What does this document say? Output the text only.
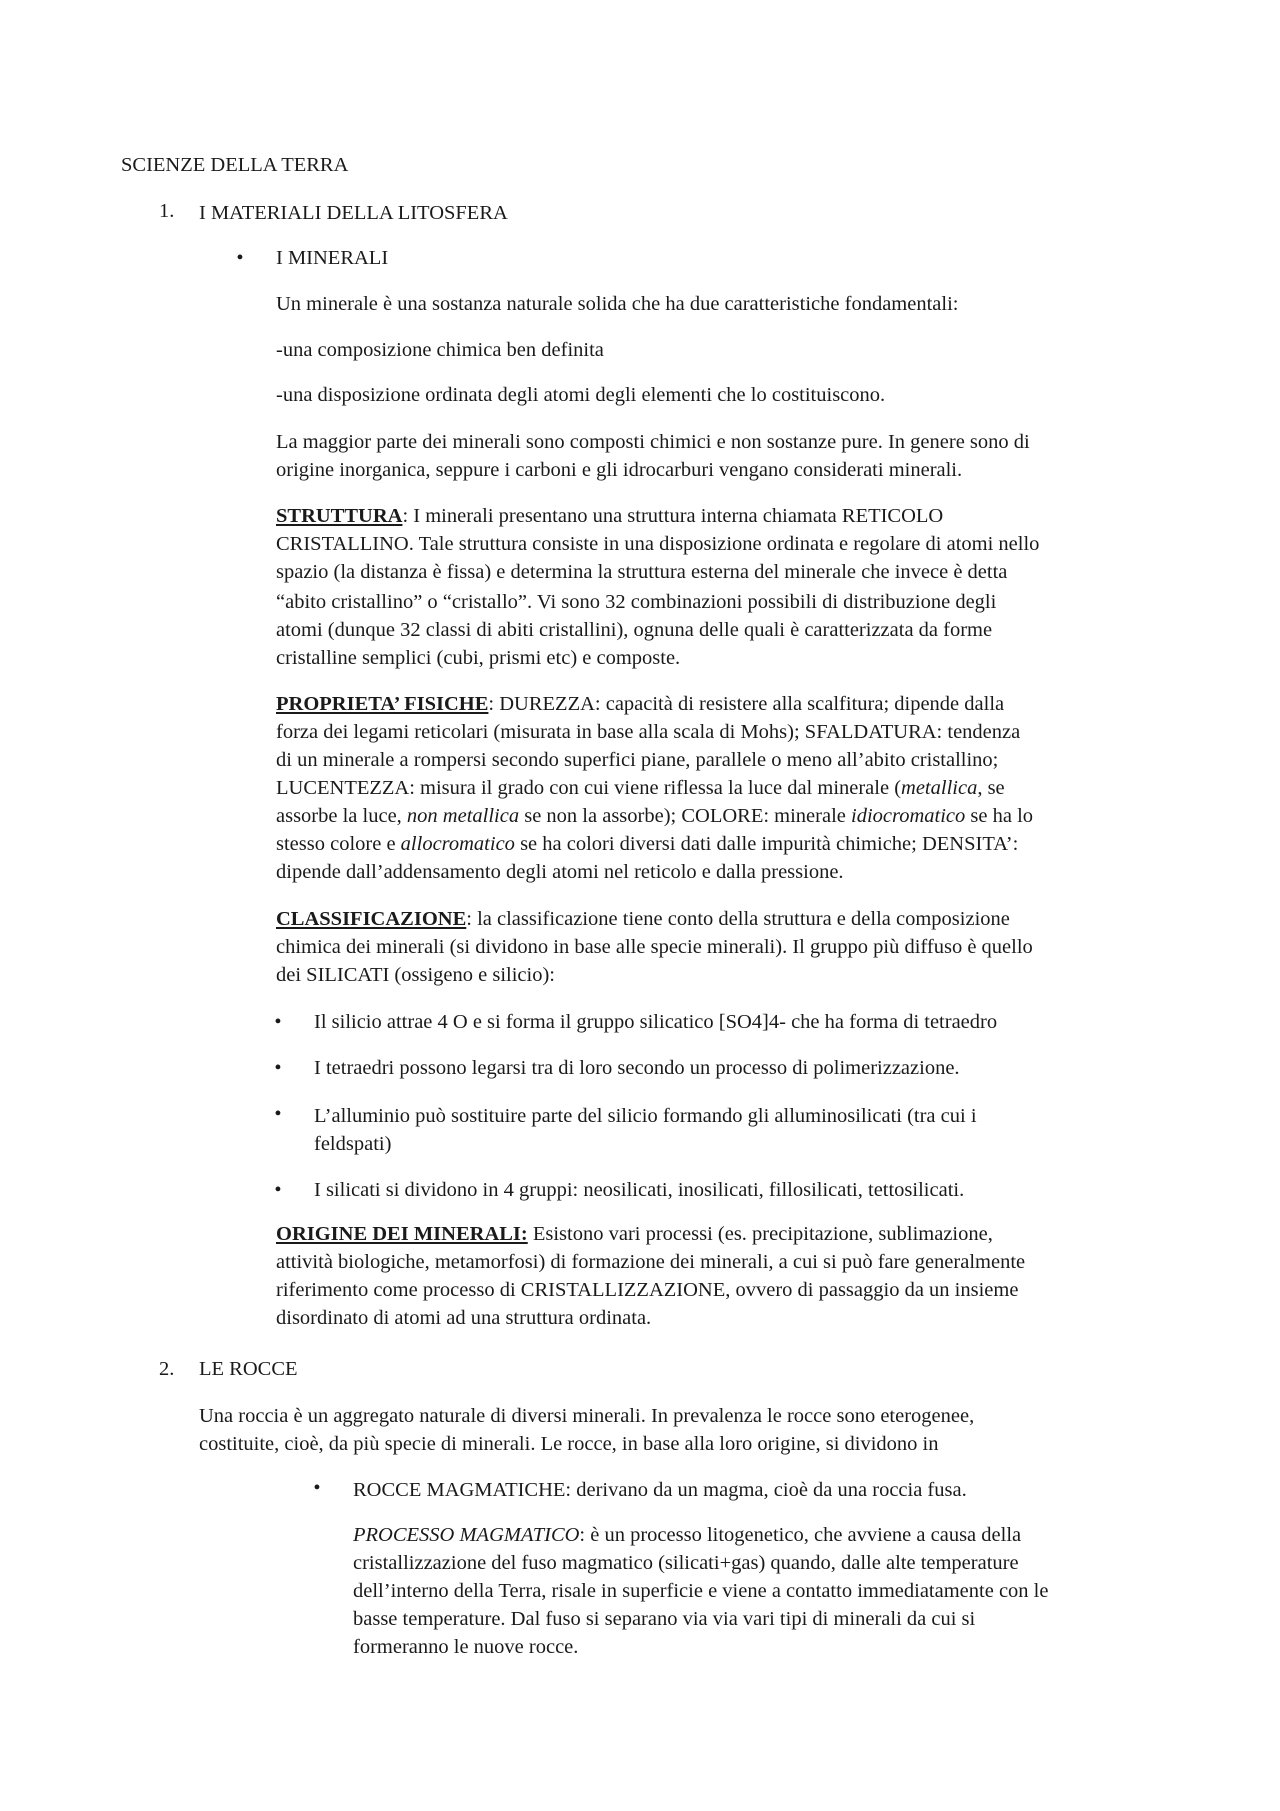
SCIENZE DELLA TERRA
1. I MATERIALI DELLA LITOSFERA
• I MINERALI
Un minerale è una sostanza naturale solida che ha due caratteristiche fondamentali:
-una composizione chimica ben definita
-una disposizione ordinata degli atomi degli elementi che lo costituiscono.
La maggior parte dei minerali sono composti chimici e non sostanze pure. In genere sono di
origine inorganica, seppure i carboni e gli idrocarburi vengano considerati minerali.
STRUTTURA: I minerali presentano una struttura interna chiamata RETICOLO
CRISTALLINO. Tale struttura consiste in una disposizione ordinata e regolare di atomi nello
spazio (la distanza è fissa) e determina la struttura esterna del minerale che invece è detta
“abito cristallino” o “cristallo”. Vi sono 32 combinazioni possibili di distribuzione degli
atomi (dunque 32 classi di abiti cristallini), ognuna delle quali è caratterizzata da forme
cristalline semplici (cubi, prismi etc) e composte.
PROPRIETA’ FISICHE: DUREZZA: capacità di resistere alla scalfitura; dipende dalla
forza dei legami reticolari (misurata in base alla scala di Mohs); SFALDATURA: tendenza
di un minerale a rompersi secondo superfici piane, parallele o meno all’abito cristallino;
LUCENTEZZA: misura il grado con cui viene riflessa la luce dal minerale (metallica, se
assorbe la luce, non metallica se non la assorbe); COLORE: minerale idiocromatico se ha lo
stesso colore e allocromatico se ha colori diversi dati dalle impurità chimiche; DENSITA’:
dipende dall’addensamento degli atomi nel reticolo e dalla pressione.
CLASSIFICAZIONE: la classificazione tiene conto della struttura e della composizione
chimica dei minerali (si dividono in base alle specie minerali). Il gruppo più diffuso è quello
dei SILICATI (ossigeno e silicio):
• Il silicio attrae 4 O e si forma il gruppo silicatico [SO4]4- che ha forma di tetraedro
• I tetraedri possono legarsi tra di loro secondo un processo di polimerizzazione.
• L’alluminio può sostituire parte del silicio formando gli alluminosilicati (tra cui i
feldspati)
• I silicati si dividono in 4 gruppi: neosilicati, inosilicati, fillosilicati, tettosilicati.
ORIGINE DEI MINERALI: Esistono vari processi (es. precipitazione, sublimazione,
attività biologiche, metamorfosi) di formazione dei minerali, a cui si può fare generalmente
riferimento come processo di CRISTALLIZZAZIONE, ovvero di passaggio da un insieme
disordinato di atomi ad una struttura ordinata.
2. LE ROCCE
Una roccia è un aggregato naturale di diversi minerali. In prevalenza le rocce sono eterogenee,
costituite, cioè, da più specie di minerali. Le rocce, in base alla loro origine, si dividono in
• ROCCE MAGMATICHE: derivano da un magma, cioè da una roccia fusa.
PROCESSO MAGMATICO: è un processo litogenetico, che avviene a causa della
cristallizzazione del fuso magmatico (silicati+gas) quando, dalle alte temperature
dell’interno della Terra, risale in superficie e viene a contatto immediatamente con le
basse temperature. Dal fuso si separano via via vari tipi di minerali da cui si
formeranno le nuove rocce.
